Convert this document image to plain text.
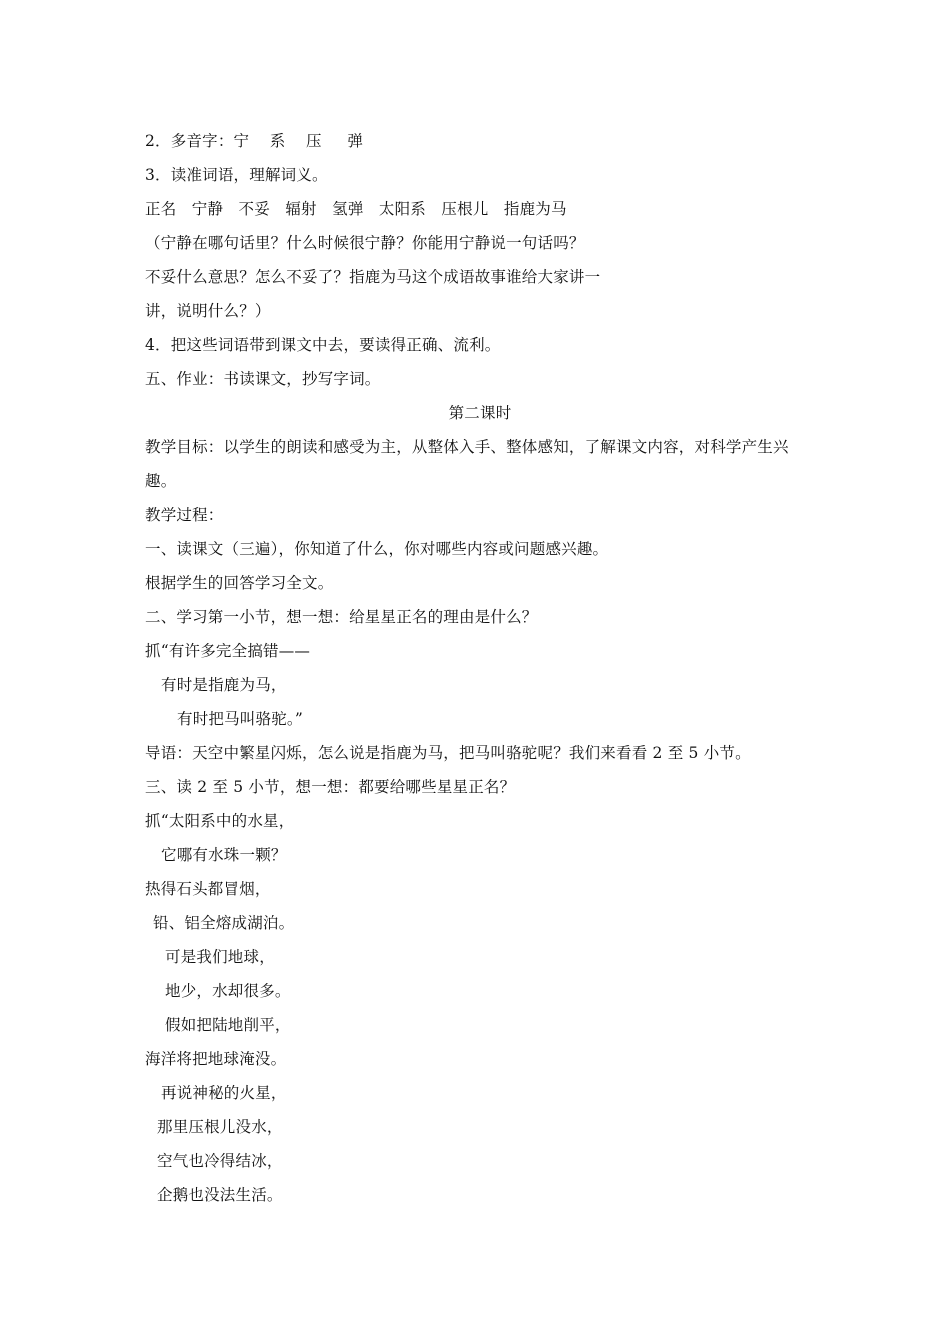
2．多音字：宁    系    压     弹
3．读准词语，理解词义。
正名   宁静   不妥   辐射   氢弹   太阳系   压根儿   指鹿为马
（宁静在哪句话里？什么时候很宁静？你能用宁静说一句话吗？
不妥什么意思？怎么不妥了？指鹿为马这个成语故事谁给大家讲一
讲，说明什么？）
4．把这些词语带到课文中去，要读得正确、流利。
五、作业：书读课文，抄写字词。
第二课时
教学目标：以学生的朗读和感受为主，从整体入手、整体感知，了解课文内容，对科学产生兴趣。
教学过程：
一、读课文（三遍），你知道了什么，你对哪些内容或问题感兴趣。
根据学生的回答学习全文。
二、学习第一小节，想一想：给星星正名的理由是什么？
抓“有许多完全搞错——
有时是指鹿为马，
有时把马叫骆驼。”
导语：天空中繁星闪烁，怎么说是指鹿为马，把马叫骆驼呢？我们来看看 2 至 5 小节。
三、读 2 至 5 小节，想一想：都要给哪些星星正名？
抓“太阳系中的水星，
它哪有水珠一颗？
热得石头都冒烟，
铅、铝全熔成湖泊。
可是我们地球，
地少，水却很多。
假如把陆地削平，
海洋将把地球淹没。
再说神秘的火星，
那里压根儿没水，
空气也冷得结冰，
企鹅也没法生活。
